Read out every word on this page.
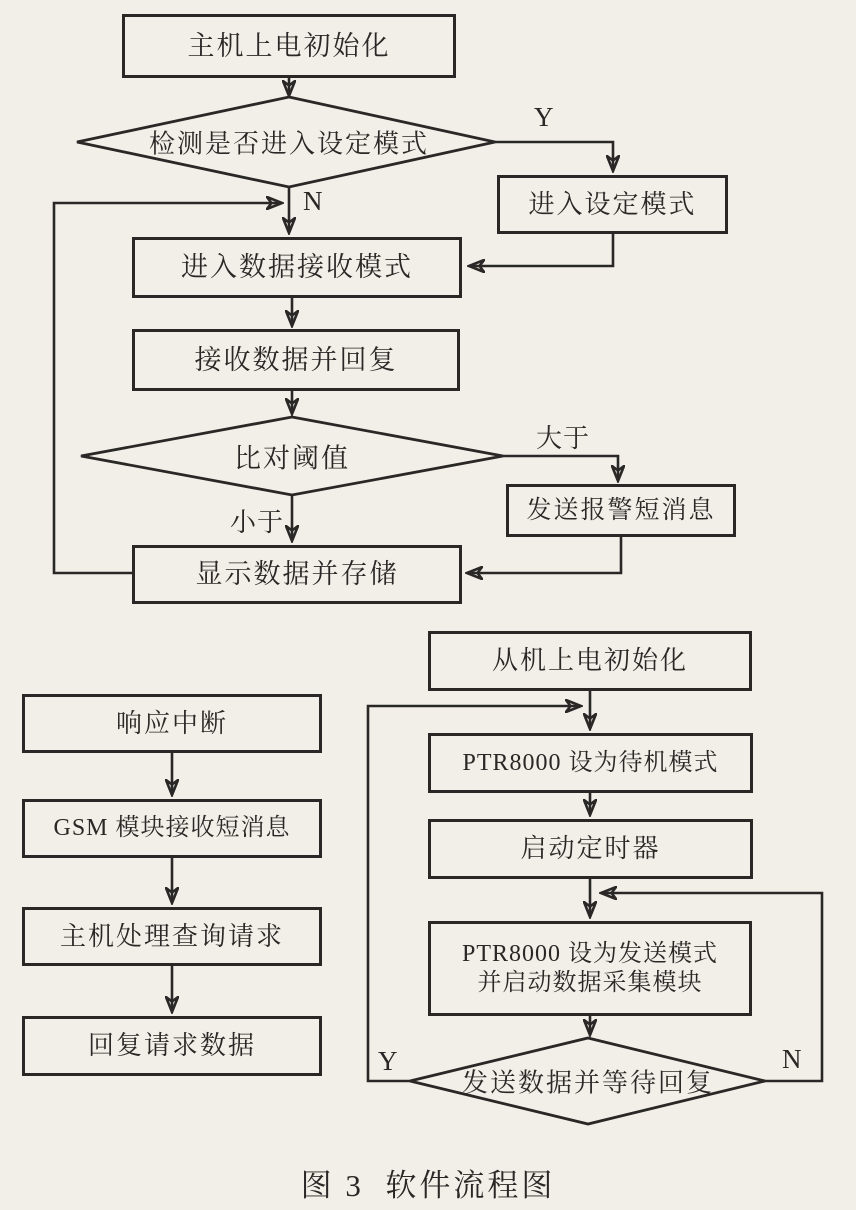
主机上电初始化
检测是否进入设定模式
Y
进入设定模式
N
进入数据接收模式
接收数据并回复
比对阈值
大于
小于	发送报警短消息
显示数据并存储
响应中断
GSM 模块接收短消息
主机处理查询请求
回复请求数据
从机上电初始化
PTR8000 设为待机模式
启动定时器
PTR8000 设为发送模式
并启动数据采集模块
发送数据并等待回复
Y	N
图 3  软件流程图
